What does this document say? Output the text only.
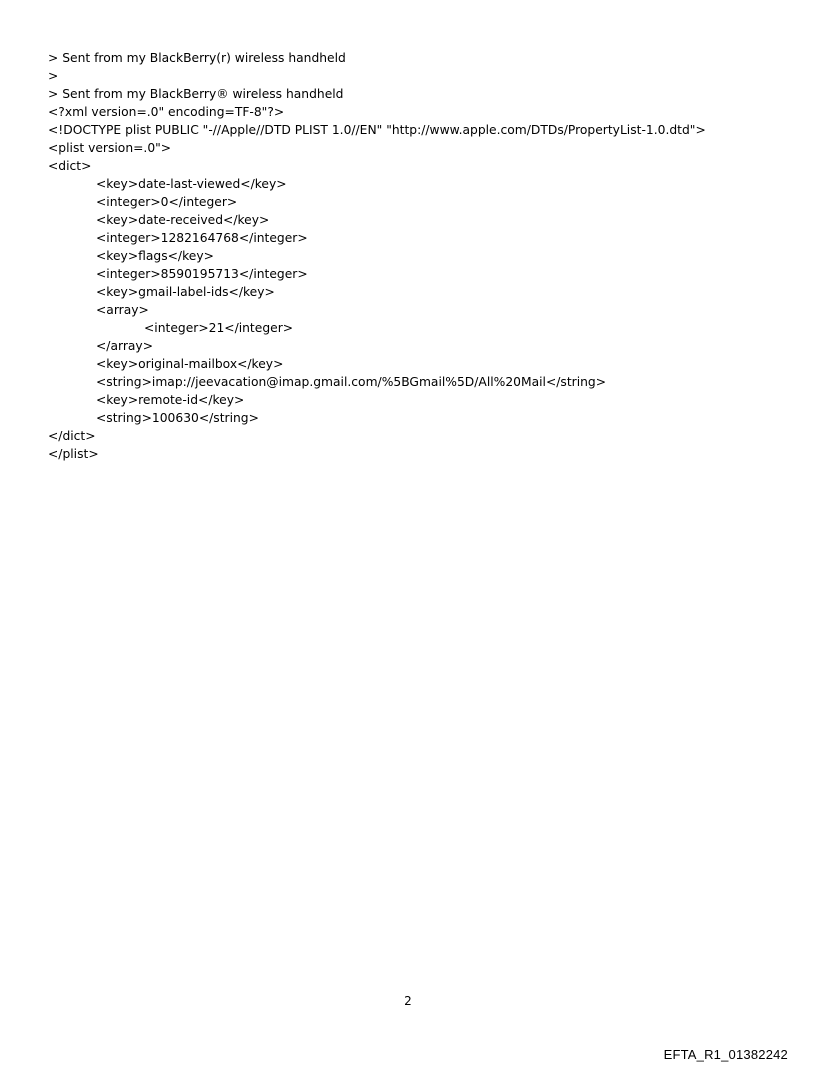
> Sent from my BlackBerry(r) wireless handheld
>
> Sent from my BlackBerry® wireless handheld
<?xml version=.0" encoding=TF-8"?>
<!DOCTYPE plist PUBLIC "-//Apple//DTD PLIST 1.0//EN" "http://www.apple.com/DTDs/PropertyList-1.0.dtd">
<plist version=.0">
<dict>
<key>date-last-viewed</key>
<integer>0</integer>
<key>date-received</key>
<integer>1282164768</integer>
<key>flags</key>
<integer>8590195713</integer>
<key>gmail-label-ids</key>
<array>
<integer>21</integer>
</array>
<key>original-mailbox</key>
<string>imap://jeevacation@imap.gmail.com/%5BGmail%5D/All%20Mail</string>
<key>remote-id</key>
<string>100630</string>
</dict>
</plist>
2
EFTA_R1_01382242
